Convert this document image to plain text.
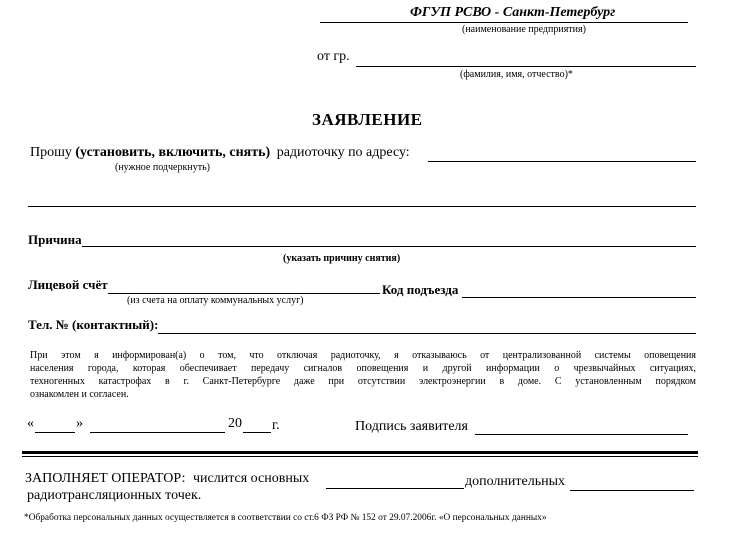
ФГУП РСВО - Санкт-Петербург
(наименование предприятия)
от гр.
(фамилия, имя, отчество)*
ЗАЯВЛЕНИЕ
Прошу (установить, включить, снять) радиоточку по адресу:
(нужное подчеркнуть)
Причина
(указать причину снятия)
Лицевой счёт
(из счета на оплату коммунальных услуг)
Код подъезда
Тел. № (контактный):
При этом я информирован(а) о том, что отключая радиоточку, я отказываюсь от централизованной системы оповещения
населения города, которая обеспечивает передачу сигналов оповещения и другой информации о чрезвычайных ситуациях,
техногенных катастрофах в г. Санкт-Петербурге даже при отсутствии электроэнергии в доме. С установленным порядком
ознакомлен и согласен.
«	»	20 г.	Подпись заявителя
ЗАПОЛНЯЕТ ОПЕРАТОР: числится основных	дополнительных
радиотрансляционных точек.
*Обработка персональных данных осуществляется в соответствии со ст.6 ФЗ РФ № 152 от 29.07.2006г. «О персональных данных»
